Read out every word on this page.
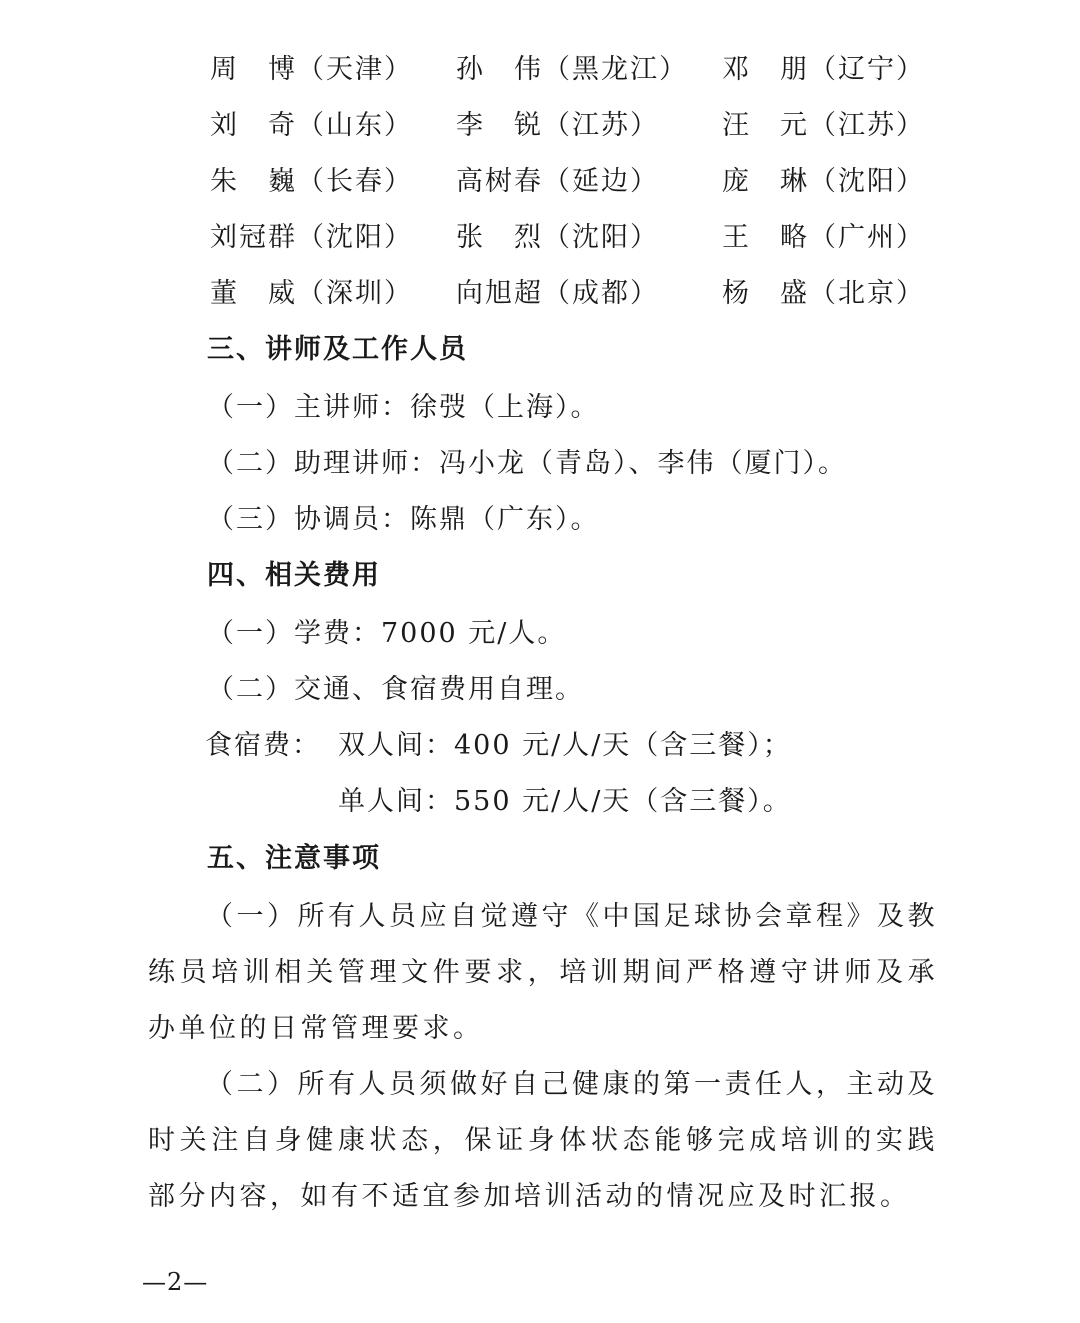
周　博（天津） 孙　伟（黑龙江） 邓　朋（辽宁）
刘　奇（山东） 李　锐（江苏） 汪　元（江苏）
朱　巍（长春） 高树春（延边） 庞　琳（沈阳）
刘冠群（沈阳） 张　烈（沈阳） 王　略（广州）
董　威（深圳） 向旭超（成都） 杨　盛（北京）
三、讲师及工作人员
（一）主讲师：徐弢（上海）。
（二）助理讲师：冯小龙（青岛）、李伟（厦门）。
（三）协调员：陈鼎（广东）。
四、相关费用
（一）学费：7000 元/人。
（二）交通、食宿费用自理。
食宿费： 双人间：400 元/人/天（含三餐）；
单人间：550 元/人/天（含三餐）。
五、注意事项
（一）所有人员应自觉遵守《中国足球协会章程》及教练员培训相关管理文件要求，培训期间严格遵守讲师及承办单位的日常管理要求。
（二）所有人员须做好自己健康的第一责任人，主动及时关注自身健康状态，保证身体状态能够完成培训的实践部分内容，如有不适宜参加培训活动的情况应及时汇报。
—2—
